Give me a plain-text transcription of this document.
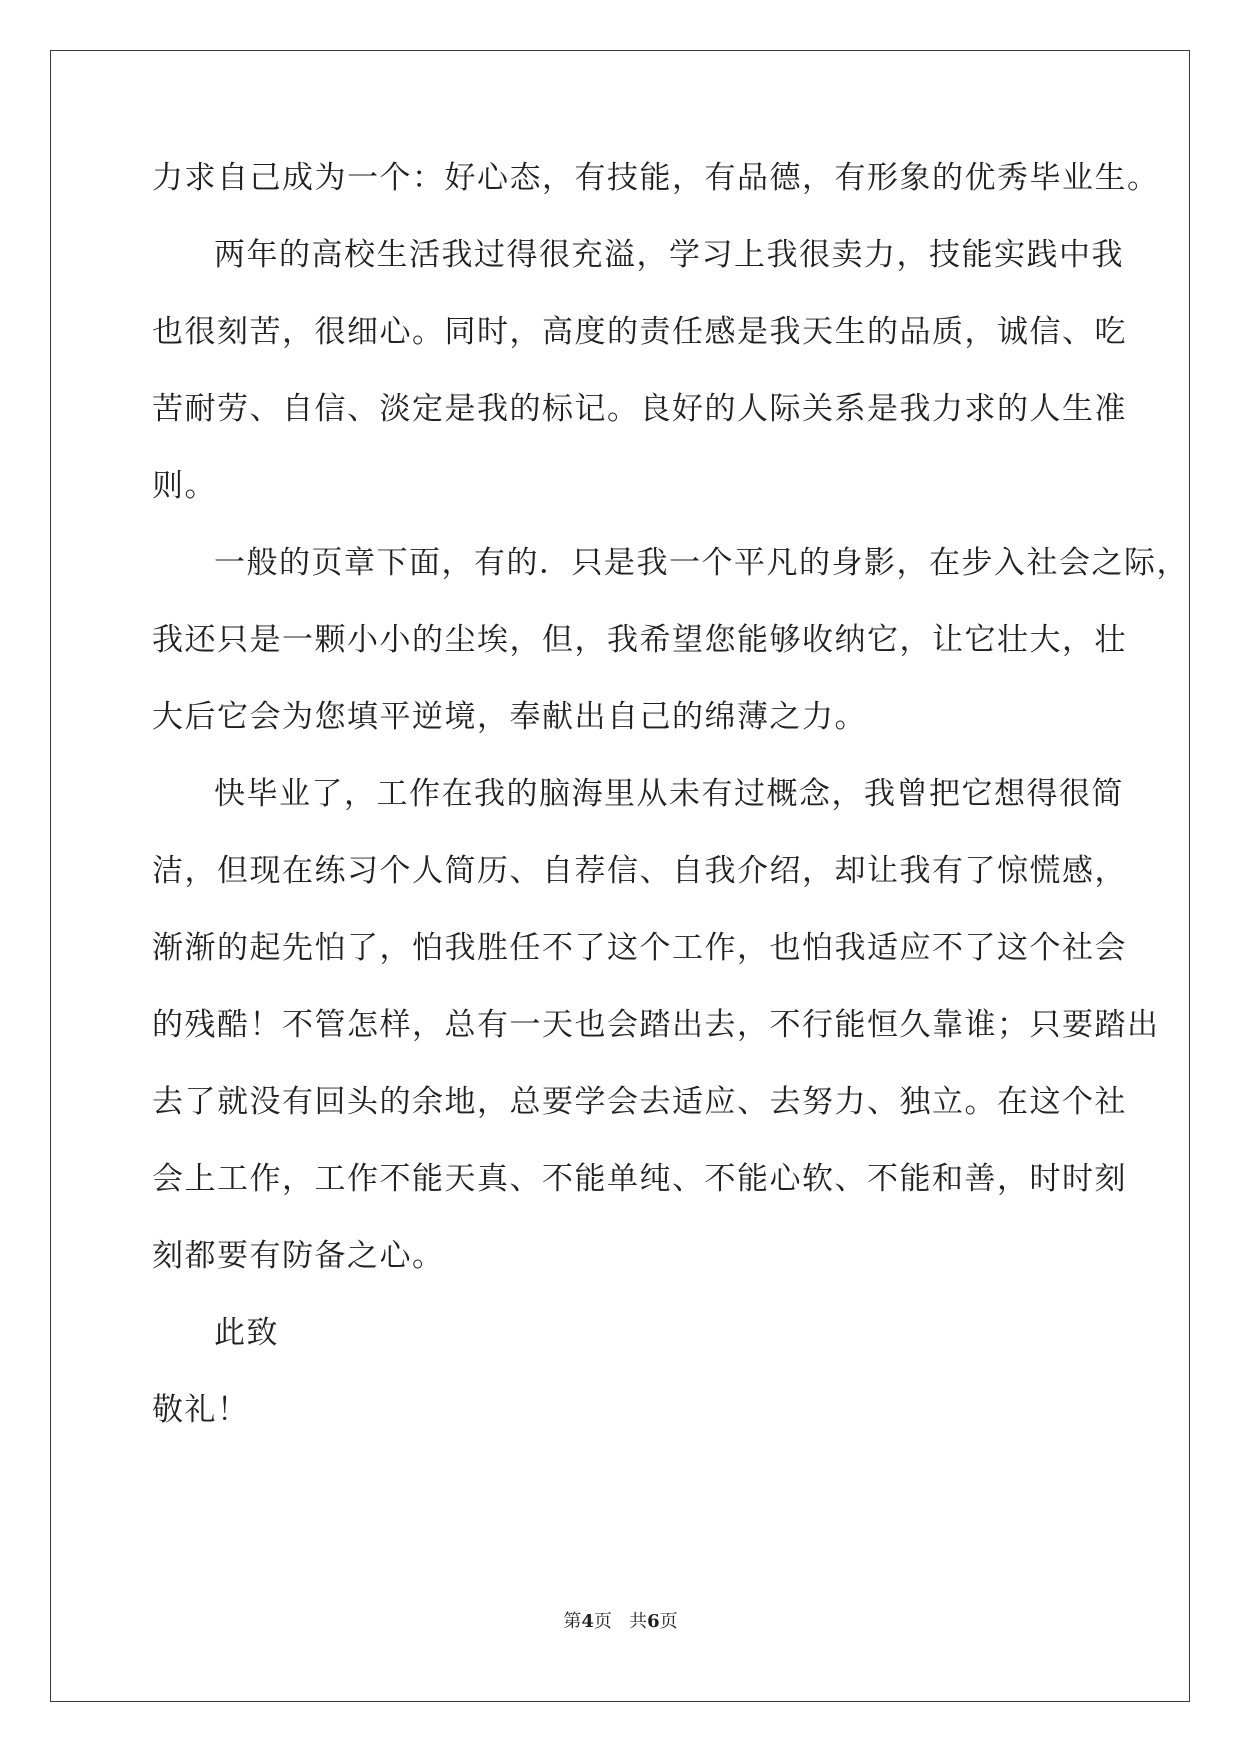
力求自己成为一个：好心态，有技能，有品德，有形象的优秀毕业生。
两年的高校生活我过得很充溢，学习上我很卖力，技能实践中我
也很刻苦，很细心。同时，高度的责任感是我天生的品质，诚信、吃
苦耐劳、自信、淡定是我的标记。良好的人际关系是我力求的人生准
则。
一般的页章下面，有的．只是我一个平凡的身影，在步入社会之际，
我还只是一颗小小的尘埃，但，我希望您能够收纳它，让它壮大，壮
大后它会为您填平逆境，奉献出自己的绵薄之力。
快毕业了，工作在我的脑海里从未有过概念，我曾把它想得很简
洁，但现在练习个人简历、自荐信、自我介绍，却让我有了惊慌感，
渐渐的起先怕了，怕我胜任不了这个工作，也怕我适应不了这个社会
的残酷！不管怎样，总有一天也会踏出去，不行能恒久靠谁；只要踏出
去了就没有回头的余地，总要学会去适应、去努力、独立。在这个社
会上工作，工作不能天真、不能单纯、不能心软、不能和善，时时刻
刻都要有防备之心。
此致
敬礼！
第4页 共6页
